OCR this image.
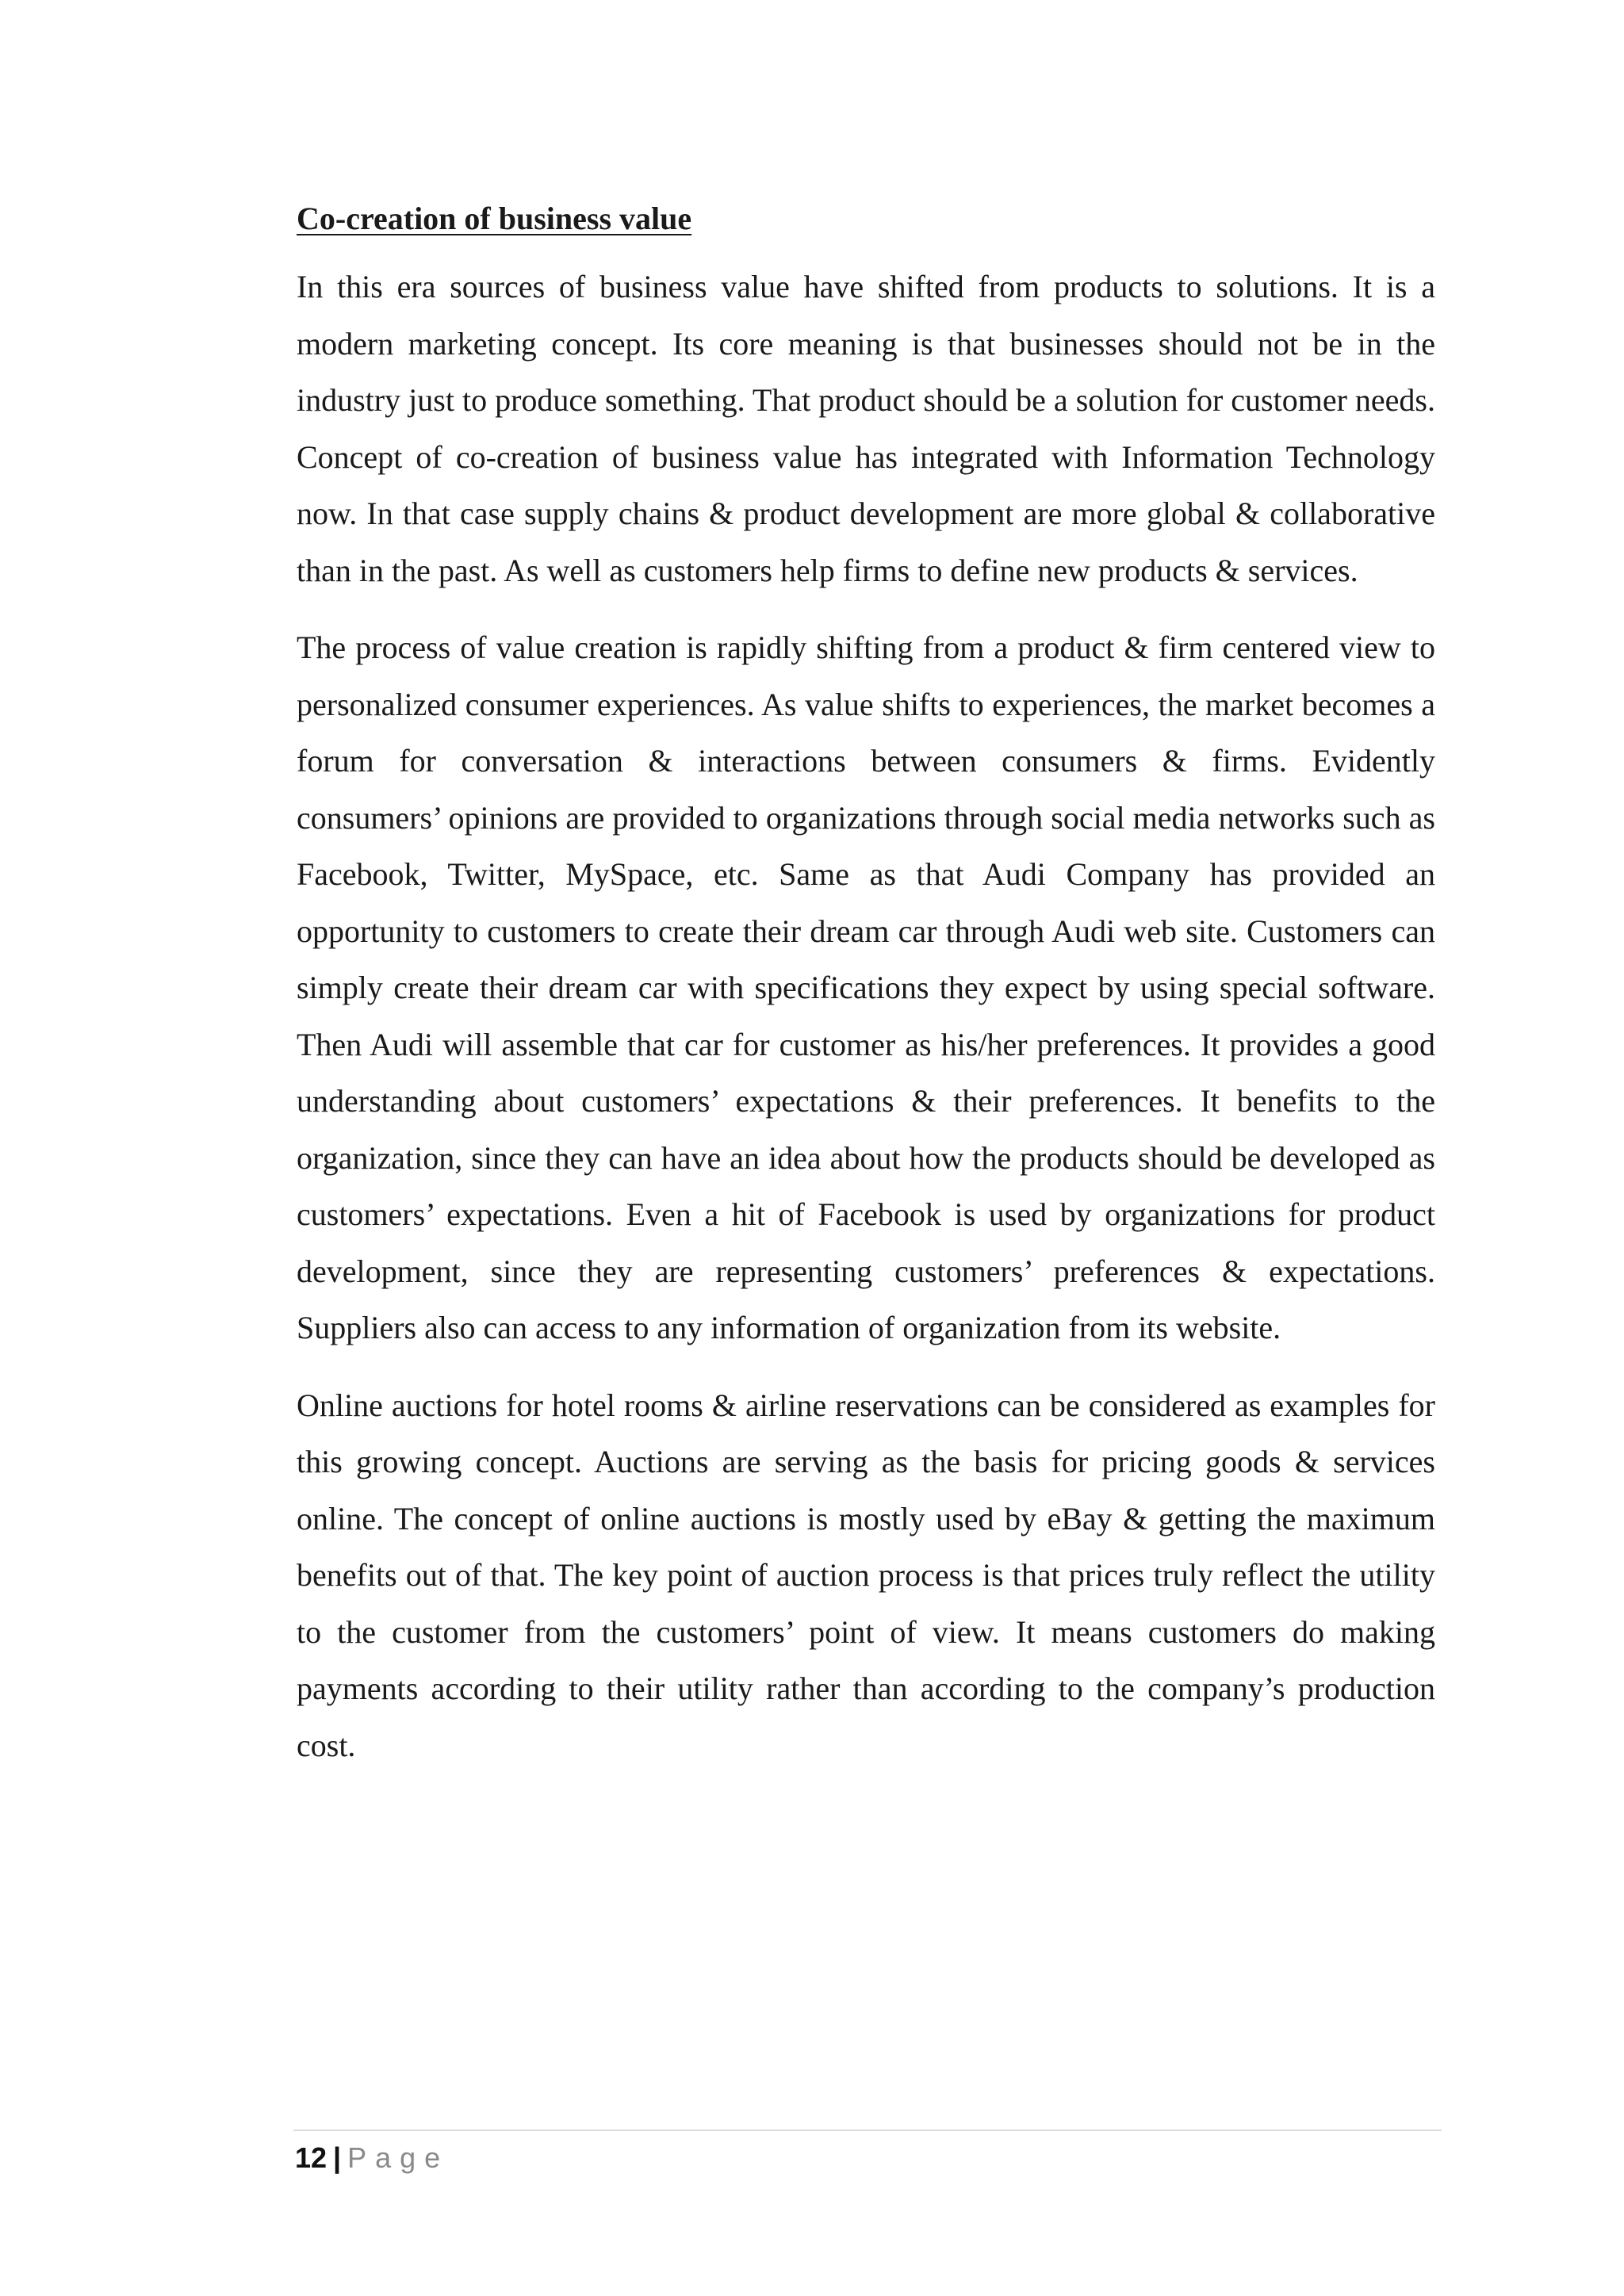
Co-creation of business value

In this era sources of business value have shifted from products to solutions. It is a modern marketing concept. Its core meaning is that businesses should not be in the industry just to produce something. That product should be a solution for customer needs. Concept of co-creation of business value has integrated with Information Technology now. In that case supply chains & product development are more global & collaborative than in the past. As well as customers help firms to define new products & services.

The process of value creation is rapidly shifting from a product & firm centered view to personalized consumer experiences. As value shifts to experiences, the market becomes a forum for conversation & interactions between consumers & firms. Evidently consumers’ opinions are provided to organizations through social media networks such as Facebook, Twitter, MySpace, etc. Same as that Audi Company has provided an opportunity to customers to create their dream car through Audi web site. Customers can simply create their dream car with specifications they expect by using special software. Then Audi will assemble that car for customer as his/her preferences. It provides a good understanding about customers’ expectations & their preferences. It benefits to the organization, since they can have an idea about how the products should be developed as customers’ expectations. Even a hit of Facebook is used by organizations for product development, since they are representing customers’ preferences & expectations. Suppliers also can access to any information of organization from its website.

Online auctions for hotel rooms & airline reservations can be considered as examples for this growing concept. Auctions are serving as the basis for pricing goods & services online. The concept of online auctions is mostly used by eBay & getting the maximum benefits out of that. The key point of auction process is that prices truly reflect the utility to the customer from the customers’ point of view. It means customers do making payments according to their utility rather than according to the company’s production cost.

12 | Page
